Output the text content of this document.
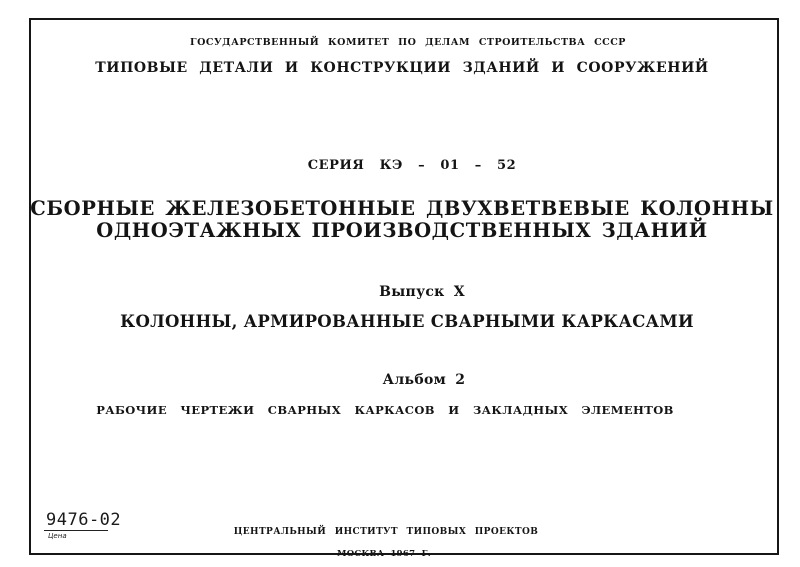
ГОСУДАРСТВЕННЫЙ КОМИТЕТ ПО ДЕЛАМ СТРОИТЕЛЬСТВА СССР
ТИПОВЫЕ ДЕТАЛИ И КОНСТРУКЦИИ ЗДАНИЙ И СООРУЖЕНИЙ
СЕРИЯ КЭ – 01 – 52
СБОРНЫЕ ЖЕЛЕЗОБЕТОННЫЕ ДВУХВЕТВЕВЫЕ КОЛОННЫ
ОДНОЭТАЖНЫХ ПРОИЗВОДСТВЕННЫХ ЗДАНИЙ
Выпуск X
КОЛОННЫ, АРМИРОВАННЫЕ СВАРНЫМИ КАРКАСАМИ
Альбом 2
РАБОЧИЕ ЧЕРТЕЖИ СВАРНЫХ КАРКАСОВ И ЗАКЛАДНЫХ ЭЛЕМЕНТОВ
ЦЕНТРАЛЬНЫЙ ИНСТИТУТ ТИПОВЫХ ПРОЕКТОВ
МОСКВА 1967 Г.
9476-02
Цена
